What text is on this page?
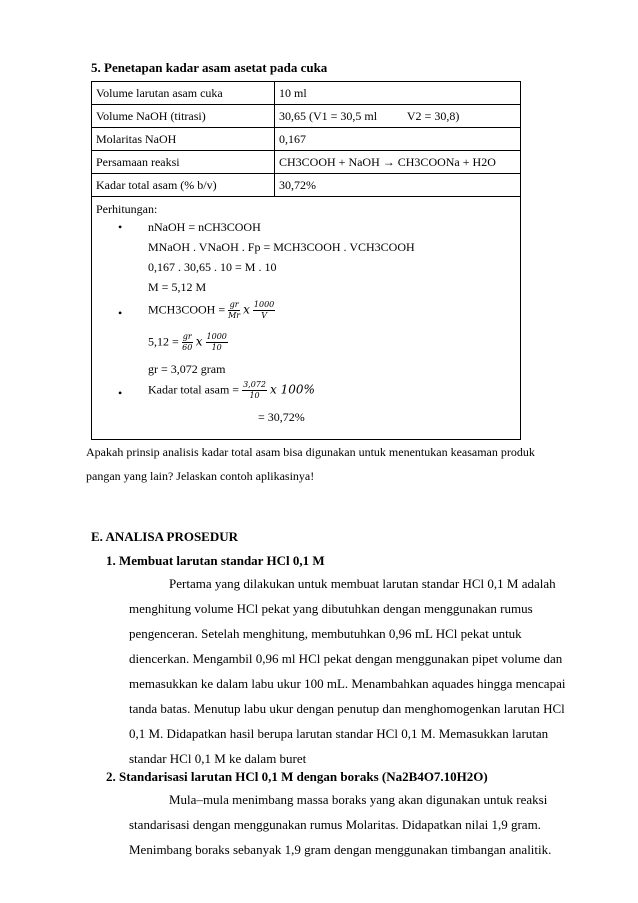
5. Penetapan kadar asam asetat pada cuka
Volume larutan asam cuka	10 ml
Volume NaOH (titrasi)	30,65 (V1 = 30,5 ml          V2 = 30,8)
Molaritas NaOH	0,167
Persamaan reaksi	CH3COOH + NaOH → CH3COONa + H2O
Kadar total asam (% b/v)	30,72%
Perhitungan:
• nNaOH = nCH3COOH
MNaOH . VNaOH . Fp = MCH3COOH . VCH3COOH
0,167 . 30,65 . 10 = M . 10
M = 5,12 M
• MCH3COOH = $\frac{gr}{Mr}$ x $\frac{1000}{V}$
$5,12 = \frac{gr}{60}$ x $\frac{1000}{10}$
gr = 3,072 gram
• Kadar total asam = $\frac{3,072}{10}$ x 100%
= 30,72%
Apakah prinsip analisis kadar total asam bisa digunakan untuk menentukan keasaman produk
pangan yang lain? Jelaskan contoh aplikasinya!
E. ANALISA PROSEDUR
1. Membuat larutan standar HCl 0,1 M
Pertama yang dilakukan untuk membuat larutan standar HCl 0,1 M adalah
menghitung volume HCl pekat yang dibutuhkan dengan menggunakan rumus
pengenceran. Setelah menghitung, membutuhkan 0,96 mL HCl pekat untuk
diencerkan. Mengambil 0,96 ml HCl pekat dengan menggunakan pipet volume dan
memasukkan ke dalam labu ukur 100 mL. Menambahkan aquades hingga mencapai
tanda batas. Menutup labu ukur dengan penutup dan menghomogenkan larutan HCl
0,1 M. Didapatkan hasil berupa larutan standar HCl 0,1 M. Memasukkan larutan
standar HCl 0,1 M ke dalam buret
2. Standarisasi larutan HCl 0,1 M dengan boraks (Na2B4O7.10H2O)
Mula–mula menimbang massa boraks yang akan digunakan untuk reaksi
standarisasi dengan menggunakan rumus Molaritas. Didapatkan nilai 1,9 gram.
Menimbang boraks sebanyak 1,9 gram dengan menggunakan timbangan analitik.
